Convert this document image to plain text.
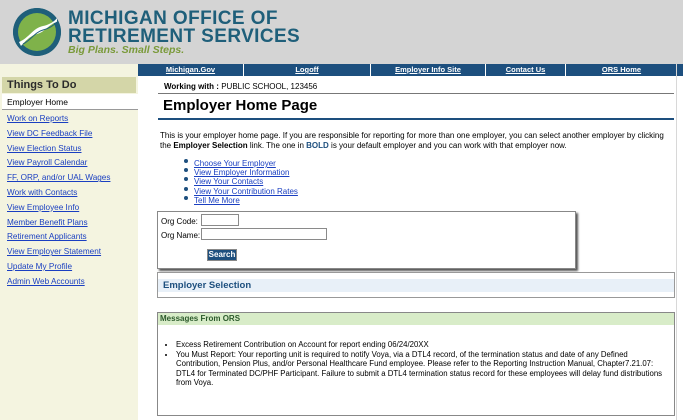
MICHIGAN OFFICE OF
RETIREMENT SERVICES
Big Plans. Small Steps.
Things To Do
Employer Home
Work on Reports
View DC Feedback File
View Election Status
View Payroll Calendar
FF, ORP, and/or UAL Wages
Work with Contacts
View Employee Info
Member Benefit Plans
Retirement Applicants
View Employer Statement
Update My Profile
Admin Web Accounts
Michigan.Gov	Logoff	Employer Info Site	Contact Us	ORS Home
Working with : PUBLIC SCHOOL, 123456
Employer Home Page
This is your employer home page. If you are responsible for reporting for more than one employer, you can select another employer by clicking the Employer Selection link. The one in BOLD is your default employer and you can work with that employer now.
Choose Your Employer
View Employer Information
View Your Contacts
View Your Contribution Rates
Tell Me More
Org Code:
Org Name:
Search
Employer Selection
Messages From ORS
• Excess Retirement Contribution on Account for report ending 06/24/20XX
• You Must Report: Your reporting unit is required to notify Voya, via a DTL4 record, of the termination status and date of any Defined Contribution, Pension Plus, and/or Personal Healthcare Fund employee. Please refer to the Reporting Instruction Manual, Chapter7.21.07: DTL4 for Terminated DC/PHF Participant. Failure to submit a DTL4 termination status record for these employees will delay fund distributions from Voya.
